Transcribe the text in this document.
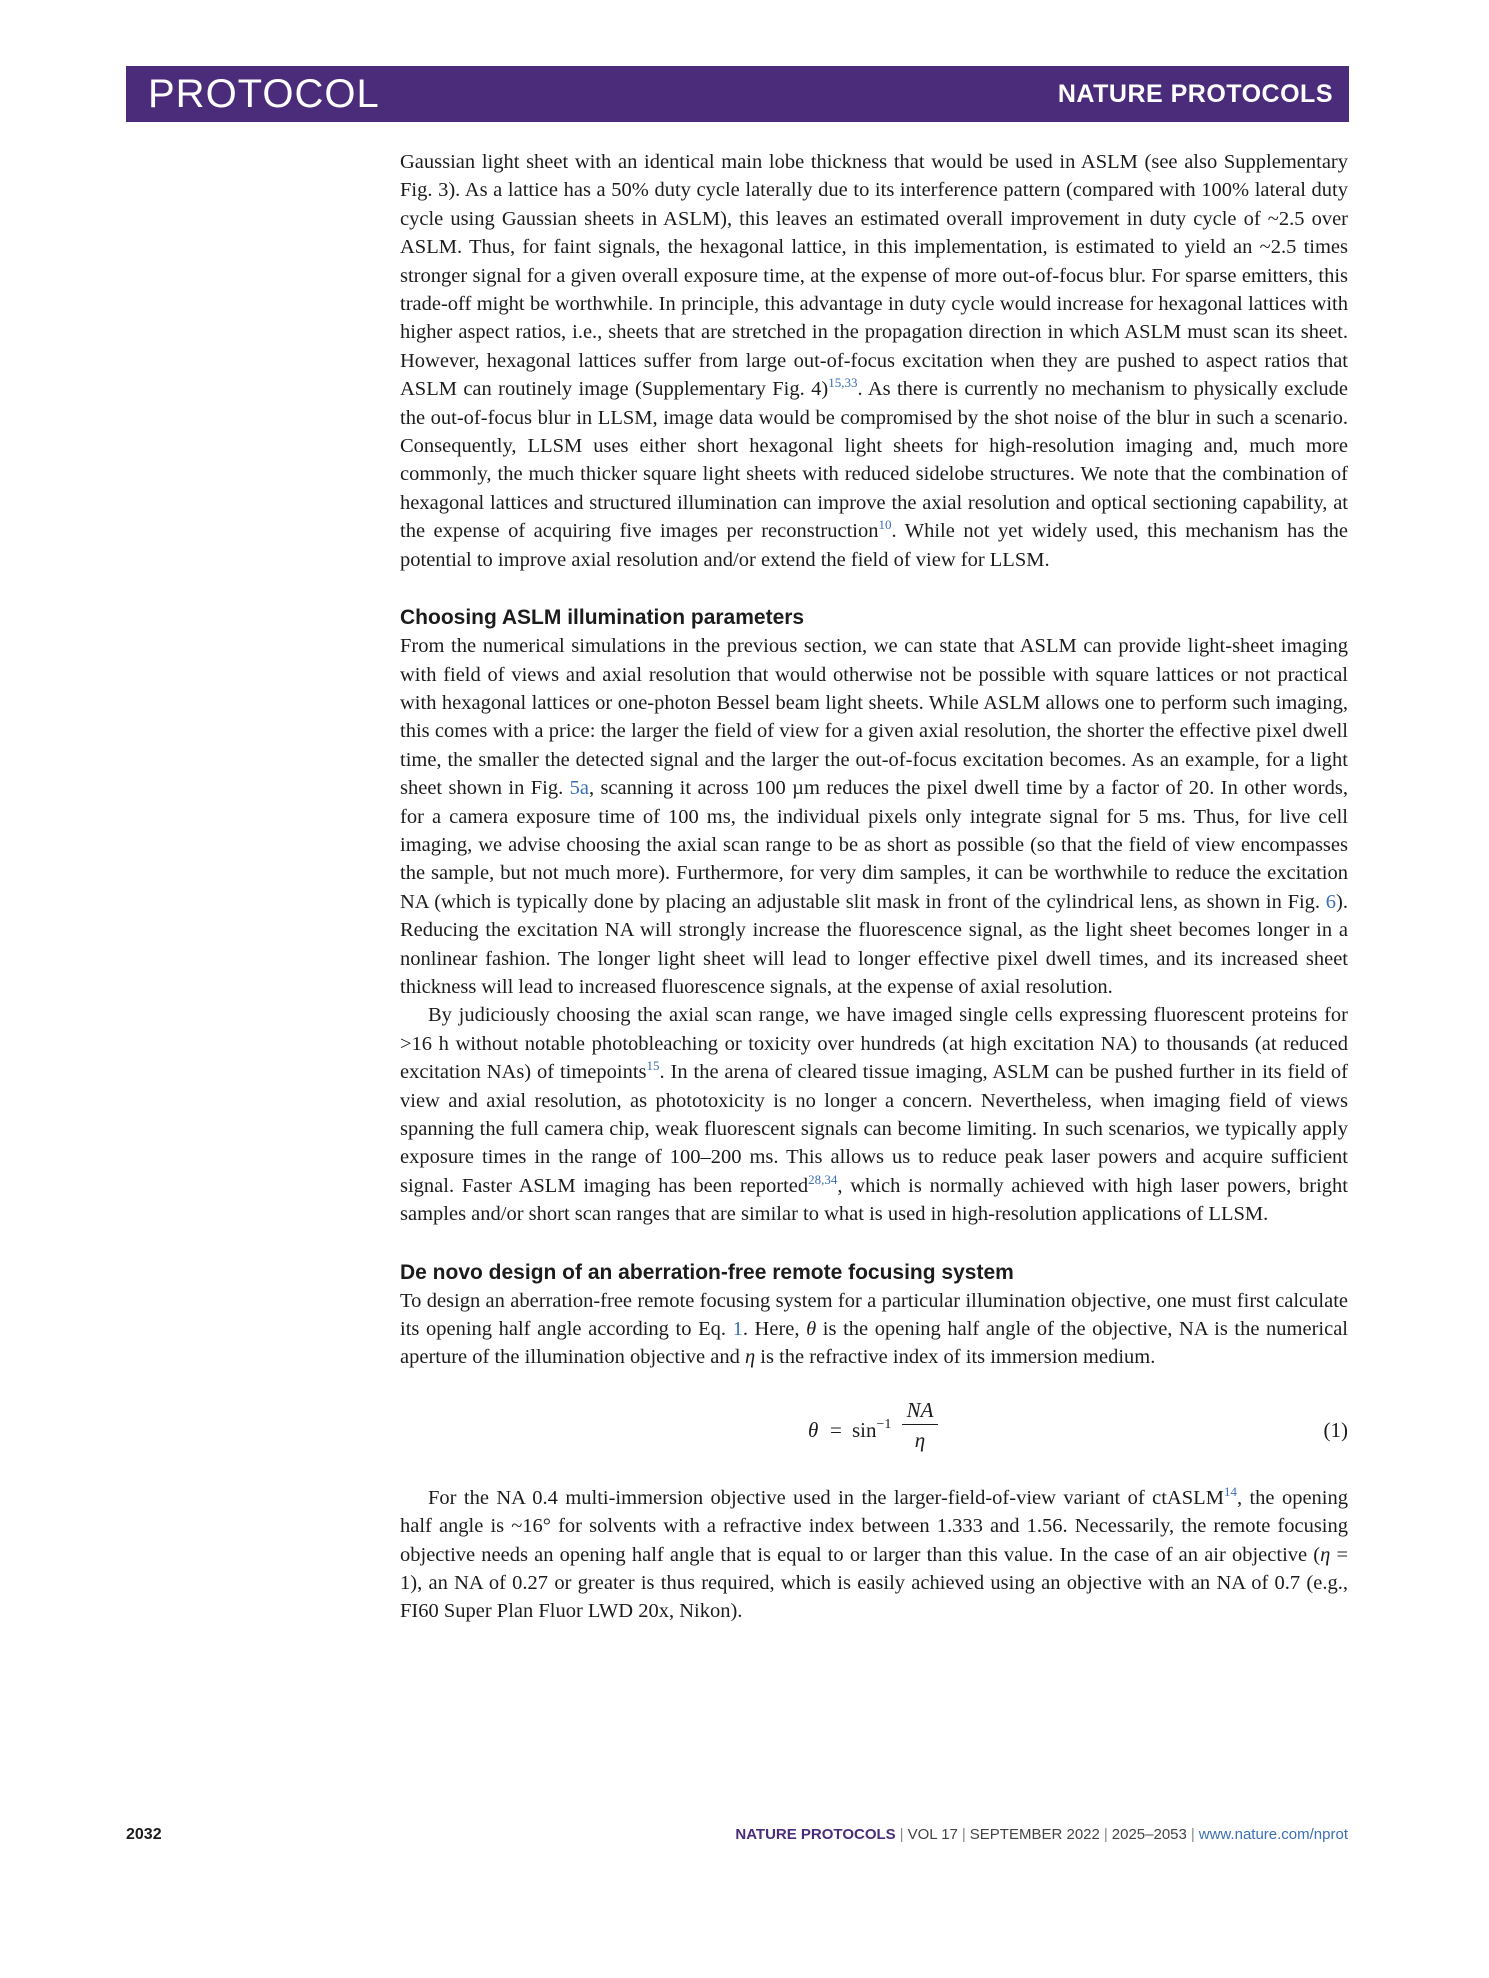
PROTOCOL	NATURE PROTOCOLS

Gaussian light sheet with an identical main lobe thickness that would be used in ASLM (see also Supplementary Fig. 3). As a lattice has a 50% duty cycle laterally due to its interference pattern (compared with 100% lateral duty cycle using Gaussian sheets in ASLM), this leaves an estimated overall improvement in duty cycle of ~2.5 over ASLM. Thus, for faint signals, the hexagonal lattice, in this implementation, is estimated to yield an ~2.5 times stronger signal for a given overall exposure time, at the expense of more out-of-focus blur. For sparse emitters, this trade-off might be worthwhile. In principle, this advantage in duty cycle would increase for hexagonal lattices with higher aspect ratios, i.e., sheets that are stretched in the propagation direction in which ASLM must scan its sheet. However, hexagonal lattices suffer from large out-of-focus excitation when they are pushed to aspect ratios that ASLM can routinely image (Supplementary Fig. 4)$^{15,33}$. As there is currently no mechanism to physically exclude the out-of-focus blur in LLSM, image data would be compromised by the shot noise of the blur in such a scenario. Consequently, LLSM uses either short hexagonal light sheets for high-resolution imaging and, much more commonly, the much thicker square light sheets with reduced sidelobe structures. We note that the combination of hexagonal lattices and structured illumination can improve the axial resolution and optical sectioning capability, at the expense of acquiring five images per reconstruction$^{10}$. While not yet widely used, this mechanism has the potential to improve axial resolution and/or extend the field of view for LLSM.

Choosing ASLM illumination parameters

From the numerical simulations in the previous section, we can state that ASLM can provide light-sheet imaging with field of views and axial resolution that would otherwise not be possible with square lattices or not practical with hexagonal lattices or one-photon Bessel beam light sheets. While ASLM allows one to perform such imaging, this comes with a price: the larger the field of view for a given axial resolution, the shorter the effective pixel dwell time, the smaller the detected signal and the larger the out-of-focus excitation becomes. As an example, for a light sheet shown in Fig. 5a, scanning it across 100 µm reduces the pixel dwell time by a factor of 20. In other words, for a camera exposure time of 100 ms, the individual pixels only integrate signal for 5 ms. Thus, for live cell imaging, we advise choosing the axial scan range to be as short as possible (so that the field of view encompasses the sample, but not much more). Furthermore, for very dim samples, it can be worthwhile to reduce the excitation NA (which is typically done by placing an adjustable slit mask in front of the cylindrical lens, as shown in Fig. 6). Reducing the excitation NA will strongly increase the fluorescence signal, as the light sheet becomes longer in a nonlinear fashion. The longer light sheet will lead to longer effective pixel dwell times, and its increased sheet thickness will lead to increased fluorescence signals, at the expense of axial resolution.

By judiciously choosing the axial scan range, we have imaged single cells expressing fluorescent proteins for >16 h without notable photobleaching or toxicity over hundreds (at high excitation NA) to thousands (at reduced excitation NAs) of timepoints$^{15}$. In the arena of cleared tissue imaging, ASLM can be pushed further in its field of view and axial resolution, as phototoxicity is no longer a concern. Nevertheless, when imaging field of views spanning the full camera chip, weak fluorescent signals can become limiting. In such scenarios, we typically apply exposure times in the range of 100–200 ms. This allows us to reduce peak laser powers and acquire sufficient signal. Faster ASLM imaging has been reported$^{28,34}$, which is normally achieved with high laser powers, bright samples and/or short scan ranges that are similar to what is used in high-resolution applications of LLSM.

De novo design of an aberration-free remote focusing system

To design an aberration-free remote focusing system for a particular illumination objective, one must first calculate its opening half angle according to Eq. 1. Here, θ is the opening half angle of the objective, NA is the numerical aperture of the illumination objective and η is the refractive index of its immersion medium.

$\theta = \sin^{-1} \frac{NA}{\eta}$	(1)

For the NA 0.4 multi-immersion objective used in the larger-field-of-view variant of ctASLM$^{14}$, the opening half angle is ~16° for solvents with a refractive index between 1.333 and 1.56. Necessarily, the remote focusing objective needs an opening half angle that is equal to or larger than this value. In the case of an air objective (η = 1), an NA of 0.27 or greater is thus required, which is easily achieved using an objective with an NA of 0.7 (e.g., FI60 Super Plan Fluor LWD 20x, Nikon).

2032	NATURE PROTOCOLS | VOL 17 | SEPTEMBER 2022 | 2025–2053 | www.nature.com/nprot
